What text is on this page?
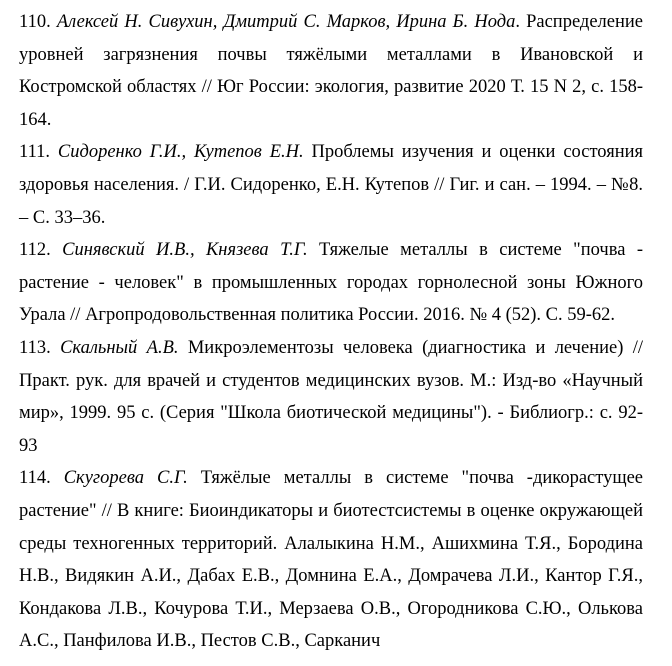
110. Алексей Н. Сивухин, Дмитрий С. Марков, Ирина Б. Нода. Распределение уровней загрязнения почвы тяжёлыми металлами в Ивановской и Костромской областях // Юг России: экология, развитие 2020 Т. 15 N 2, с. 158-164.

111. Сидоренко Г.И., Кутепов Е.Н. Проблемы изучения и оценки состояния здоровья населения. / Г.И. Сидоренко, Е.Н. Кутепов // Гиг. и сан. – 1994. – №8. – С. 33–36.

112. Синявский И.В., Князева Т.Г. Тяжелые металлы в системе "почва - растение - человек" в промышленных городах горнолесной зоны Южного Урала // Агропродовольственная политика России. 2016. № 4 (52). С. 59-62.

113. Скальный А.В. Микроэлементозы человека (диагностика и лечение) // Практ. рук. для врачей и студентов медицинских вузов. М.: Изд-во «Научный мир», 1999. 95 с. (Серия "Школа биотической медицины"). - Библиогр.: с. 92-93

114. Скугорева С.Г. Тяжёлые металлы в системе "почва -дикорастущее растение" // В книге: Биоиндикаторы и биотестсистемы в оценке окружающей среды техногенных территорий. Алалыкина Н.М., Ашихмина Т.Я., Бородина Н.В., Видякин А.И., Дабах Е.В., Домнина Е.А., Домрачева Л.И., Кантор Г.Я., Кондакова Л.В., Кочурова Т.И., Мерзаева О.В., Огородникова С.Ю., Олькова А.С., Панфилова И.В., Пестов С.В., Сарканич
